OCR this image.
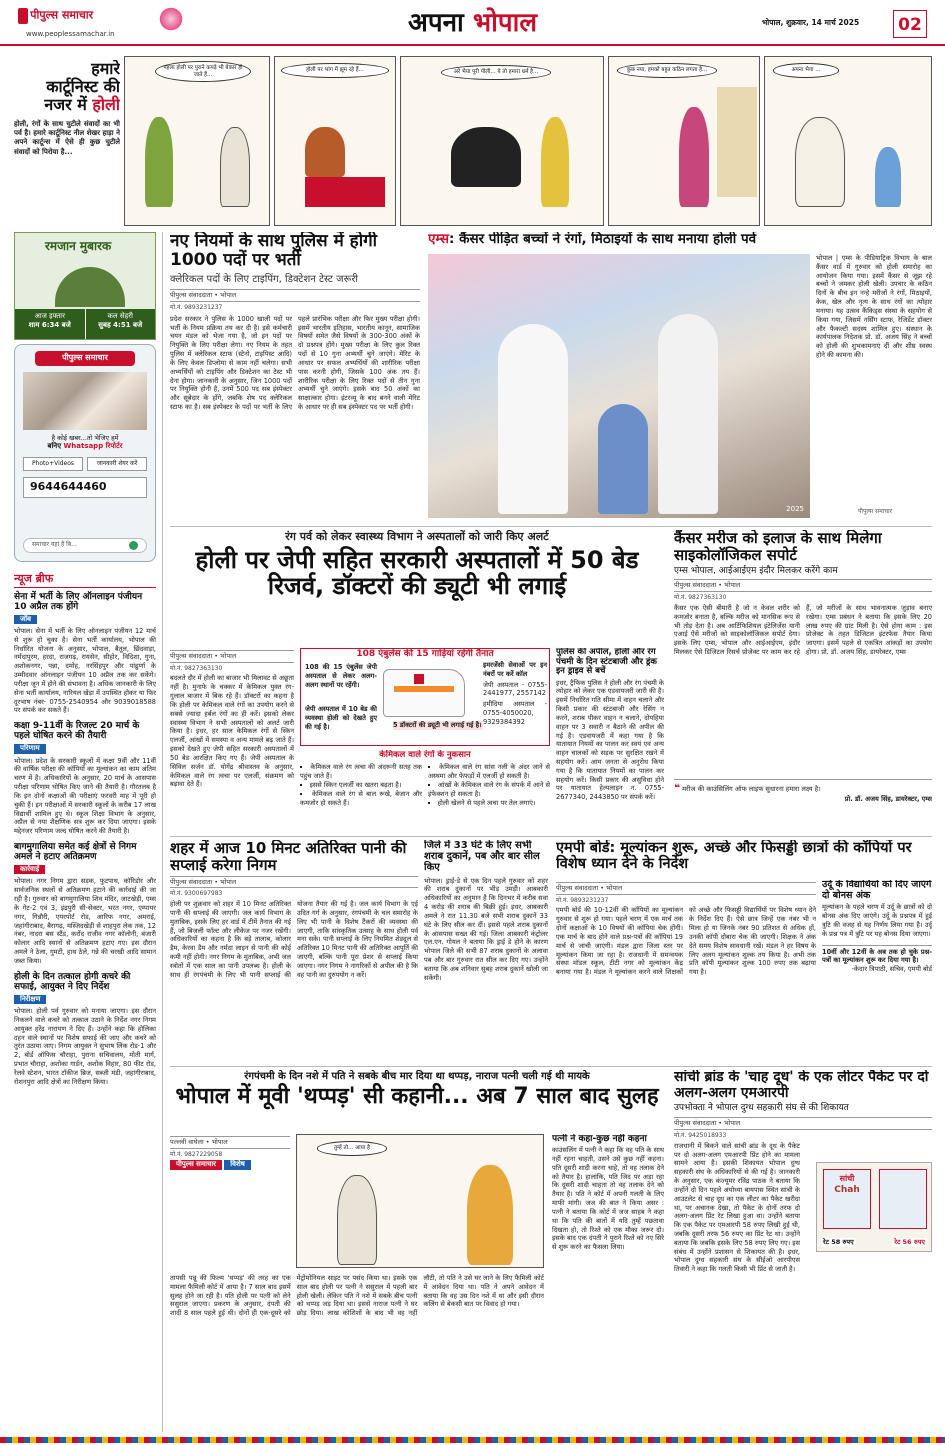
पीपुल्स समाचार
www.peoplessamachar.in	अपना भोपाल	भोपाल, शुक्रवार, 14 मार्च 2025	02
हमारे
कार्टूनिस्ट की
नजर में होली
होली, रंगों के साथ चुटीले संवादों का भी पर्व है। हमारे कार्टूनिस्ट नील शेखर हाड़ा ने अपने कार्टून्स में ऐसे ही कुछ चुटीले संवादों को पिरोया है...
पहला होली पर पुराने कपड़े भी बेकार हो जाते हैं...
होली पर भांग में झूम रहे हैं...	अरे भैया पूरी पीली... ये तो हमारा धर्म है...	कुछ नया, हमको बहुत कठिन लगता है...	अपना भैया ...
रमजान मुबारक
आज इफ्तार
शाम 6:34 बजे
कल सेहरी
सुबह 4:51 बजे
पीपुल्स समाचार
है कोई खबर...तो भेजिए हमें
बनिए Whatsapp रिपोर्टर
Photo+Videos	जानकारी शेयर करें
9644644460
समाचार यहां है बि...
न्यूज ब्रीफ
सेना में भर्ती के लिए ऑनलाइन पंजीयन 10 अप्रैल तक होंगे
जॉब
भोपाल। सेना में भर्ती के लिए ऑनलाइन पंजीयन 12 मार्च से शुरू हो चुका है। सेना भर्ती कार्यालय, भोपाल की निर्धारित योजना के अनुसार, भोपाल, बैतूल, छिंदवाड़ा, नर्मदापुरम, हरदा, राजगढ़, रायसेन, सीहोर, विदिशा, गुना, अशोकनगर, पन्ना, दमोह, नरसिंहपुर और पांढुर्णा के उम्मीदवार ऑनलाइन पंजीयन 10 अप्रैल तक कर सकेंगे। परीक्षा जून में होने की संभावना है। अधिक जानकारी के लिए सेना भर्ती कार्यालय, नारियल खेड़ा में उपस्थित होकर या फिर दूरभाष नंबर- 0755-2540954 और 9039018588 पर संपर्क कर सकते हैं।
कक्षा 9-11वीं के रिजल्ट 20 मार्च के पहले घोषित करने की तैयारी
परिणाम
भोपाल। प्रदेश के सरकारी स्कूलों में कक्षा 9वीं और 11वीं की वार्षिक परीक्षा की कॉपियों का मूल्यांकन का काम अंतिम चरण में है। अधिकारियों के अनुसार, 20 मार्च के आसपास परीक्षा परिणाम घोषित किए जाने की तैयारी है। गौरतलब है कि इन दोनों कक्षाओं की परीक्षाएं फरवरी माह में पूरी हो चुकी हैं। इन परीक्षाओं में सरकारी स्कूलों के करीब 17 लाख विद्यार्थी शामिल हुए थे। स्कूल शिक्षा विभाग के अनुसार, अप्रैल से नया शैक्षणिक सत्र शुरू कर दिया जाएगा। इसके मद्देनजर परिणाम जल्द घोषित करने की तैयारी है।
बागमुगालिया समेत कई क्षेत्रों से निगम अमले ने हटाए अतिक्रमण
कार्रवाई
भोपाल। नगर निगम द्वारा सड़क, फुटपाथ, कॉरिडोर और सार्वजनिक स्थलों से अतिक्रमण हटाने की कार्रवाई की जा रही है। गुरुवार को बागमुगालिया शिव मंदिर, जाटखेड़ी, एम्स के गेट-2 एवं 3, इंद्रपुरी सी-सेक्टर, भरत नगर, एम्पायर नगर, गिन्नौरी, एयरपोर्ट रोड, आरिफ नगर, अमराई, जहांगीराबाद, बैरागढ़, मस्जिदखेड़ी से शाहपुरा लेक तक, 12 नंबर, नादरा बस स्टैंड, करोंद राजीव नगर कॉलोनी, बंजारी कोलार आदि स्थानों से अतिक्रमण हटाए गए। इस दौरान अमले ने ठेला, गुमटी, हाथ ठेले, गन्ने की चरखी आदि सामान जब्त किया।
होली के दिन तत्काल होगी कचरे की सफाई, आयुक्त ने दिए निर्देश
निरीक्षण
भोपाल। होली पर्व गुरुवार को मनाया जाएगा। इस दौरान निकलने वाले कचरे को तत्काल उठाने के निर्देश नगर निगम आयुक्त हरेंद्र नारायण ने दिए हैं। उन्होंने कहा कि होलिका दहन वाले स्थानों पर विशेष सफाई की जाए और कचरे को तुरंत उठाया जाए। निगम आयुक्त ने सुभाष लिंक रोड-1 और 2, बोर्ड ऑफिस चौराहा, पुराना सचिवालय, मोती मार्ग, प्रभात चौराहा, अशोका गार्डन, अशोक विहार, 80 फीट रोड, रेलवे स्टेशन, भारत टॉकीज ब्रिज, सब्जी मंडी, जहांगीराबाद, रोशनपुरा आदि क्षेत्रों का निरीक्षण किया।
नए नियमों के साथ पुलिस में होगी 1000 पदों पर भर्ती
क्लेरिकल पदों के लिए टाइपिंग, डिक्टेशन टेस्ट जरूरी
पीपुल्स संवाददाता • भोपाल
मो.नं. 9893231237
प्रदेश सरकार ने पुलिस के 1000 खाली पदों पर भर्ती के नियम प्रक्रिया तय कर दी है। इसे कर्मचारी चयन मंडल को भेजा गया है, जो इन पदों पर नियुक्ति के लिए परीक्षा लेगा। नए नियम के तहत पुलिस में क्लेरिकल स्टाफ (स्टेनो, टाइपिस्ट आदि) के लिए केवल डिप्लोमा से काम नहीं चलेगा। सभी अभ्यर्थियों को टाइपिंग और डिक्टेशन का टेस्ट भी देना होगा। जानकारी के अनुसार, जिन 1000 पदों पर नियुक्ति होनी है, उनमें 500 पद सब इंस्पेक्टर और सूबेदार के होंगे, जबकि शेष पद क्लेरिकल स्टाफ का है। सब इंस्पेक्टर के पदों पर भर्ती के लिए पहले प्रारंभिक परीक्षा और फिर मुख्य परीक्षा होगी। इसमें भारतीय इतिहास, भारतीय कानून, सामाजिक विषयों समेत जैसे विषयों के 300-300 अंकों के दो प्रश्नपत्र होंगे। मुख्य परीक्षा के लिए कुल रिक्त पदों से 10 गुना अभ्यर्थी चुने जाएंगे। मेरिट के आधार पर सफल अभ्यर्थियों की शारीरिक परीक्षा पास करनी होगी, जिसके 100 अंक तय हैं। शारीरिक परीक्षा के लिए रिक्त पदों से तीन गुना अभ्यर्थी चुने जाएंगे। इसके बाद 50 अंकों का साक्षात्कार होगा। इंटरव्यू के बाद बनने वाली मेरिट के आधार पर ही सब इंस्पेक्टर पद पर भर्ती होगी।
एम्स: कैंसर पीड़ित बच्चों ने रंगों, मिठाइयों के साथ मनाया होली पर्व
2025
भोपाल | एम्स के पीडियाट्रिक विभाग के बाल कैंसर वार्ड में गुरुवार को होली समारोह का आयोजन किया गया। इसमें कैंसर से जूझ रहे बच्चों ने जमकर होली खेली। उपचार के कठिन दिनों के बीच इन नन्हे मरीजों ने रंगों, मिठाइयों, केक, खेल और नृत्य के साथ रंगों का त्योहार मनाया। यह उत्सव कैंकिड्स संस्था के सहयोग से किया गया, जिसमें नर्सिंग स्टाफ, रेजिडेंट डॉक्टर और फैकल्टी सदस्य शामिल हुए। संस्थान के कार्यपालक निदेशक प्रो. डॉ. अजय सिंह ने बच्चों को होली की शुभकामनाएं दीं और शीघ्र स्वस्थ होने की कामना की।
पीपुल्स समाचार
रंग पर्व को लेकर स्वास्थ्य विभाग ने अस्पतालों को जारी किए अलर्ट
होली पर जेपी सहित सरकारी अस्पतालों में 50 बेड रिजर्व, डॉक्टरों की ड्यूटी भी लगाई
पीपुल्स संवाददाता • भोपाल
मो.नं. 9827363130
बदलते दौर में होली का बाजार भी मिलावट से अछूता नहीं है। मुनाफे के चक्कर में केमिकल युक्त रंग-गुलाल बाजार में बिक रहे हैं। डॉक्टरों का कहना है कि होली पर केमिकल वाले रंगों का उपयोग करने से सबसे ज्यादा हर्बल रंगों का ही करें। इसको लेकर स्वास्थ्य विभाग ने सभी अस्पतालों को अलर्ट जारी किया है। इधर, हर साल केमिकल रंगों से स्किन एलर्जी, आंखों में समस्या व अन्य मामले बढ़ जाते हैं। इसको देखते हुए जेपी सहित सरकारी अस्पतालों में 50 बेड आरक्षित किए गए हैं। जेपी अस्पताल के सिविल सर्जन डॉ. योगेंद्र श्रीवास्तव के अनुसार, केमिकल वाले रंग त्वचा पर एलर्जी, संक्रमण को बढ़ावा देते हैं।
108 एंबुलेंस की 15 गाड़ियां रहेंगी तैनात
108 की 15 एंबुलेंस जेपी अस्पताल से लेकर अलग-अलग स्थानों पर रहेंगी।
जेपी अस्पताल में 10 बेड की व्यवस्था होली को देखते हुए की गई है।	5 डॉक्टरों की ड्यूटी भी लगाई गई है।
इमरजेंसी सेवाओं पर इन नंबरों पर करें कॉल
जेपी अस्पताल - 0755-2441977, 2557142
हमीदिया अस्पताल - 0755-4050020, 9329384392
केमिकल वाले रंगों के नुकसान
▪ केमिकल वाले रंग त्वचा की अंदरूनी सतह तक पहुंच जाते हैं।
▪ इससे स्किन एलर्जी का खतरा बढ़ता है।
▪ केमिकल वाले रंग से बाल रूखे, बेजान और कमजोर हो सकते हैं।
▪ केमिकल वाले रंग सांस नली के अंदर जाने से अस्थमा और फेफड़ों में एलर्जी हो सकती है।
▪ आंखों के केमिकल वाले रंग के संपर्क में आने से इंफेक्शन हो सकता है।
▪ होली खेलने से पहले त्वचा पर तेल लगाएं।
पुलिस की अपील, होली और रंग पंचमी के दिन स्टंटबाजी और ड्रंक इन ड्राइव से बचें
इधर, ट्रैफिक पुलिस ने होली और रंग पंचमी के त्योहार को लेकर एक एडवायजरी जारी की है। इसमें निर्धारित गति सीमा में वाहन चलाने और किसी प्रकार की स्टंटबाजी और रेसिंग न करने, शराब पीकर वाहन न चलाने, दोपहिया वाहन पर 3 सवारी न बैठाने की अपील की गई है। एडवायजरी में कहा गया है कि यातायात नियमों का पालन कर स्वयं एवं अन्य वाहन चालकों को सड़क पर सुरक्षित रखने में सहयोग करें। आम जनता से अनुरोध किया गया है कि यातायात नियमों का पालन कर सहयोग करें। किसी प्रकार की असुविधा होने पर यातायात हेल्पलाइन न. 0755-2677340, 2443850 पर संपर्क करें।
कैंसर मरीज को इलाज के साथ मिलेगा साइकोलॉजिकल सपोर्ट
एम्स भोपाल, आईआईएम इंदौर मिलकर करेंगे काम
पीपुल्स संवाददाता • भोपाल
मो.नं. 9827363130
कैंसर एक ऐसी बीमारी है जो न केवल शरीर को कमजोर बनाता है, बल्कि मरीज को मानसिक रूप से भी तोड़ देता है। अब आर्टिफिशियल इंटेलिजेंस यानी एआई ऐसे मरीजों को साइकोलॉजिकल सपोर्ट देगा। इसके लिए एम्स, भोपाल और आईआईएम, इंदौर मिलकर ऐसे डिजिटल रिसर्च प्रोजेक्ट पर काम कर रहे हैं, जो मरीजों के साथ भावनात्मक जुड़ाव बनाए रखेगा। एम्स प्रबंधन ने बताया कि इसके लिए 20 लाख रुपए की ग्रांट मिली है। ऐसे होगा काम : इस प्रोजेक्ट के तहत डिजिटल इंटरफेस तैयार किया जाएगा। इसमें पहले से एकत्रित आंकड़ों का उपयोग होगा। प्रो. डॉ. अजय सिंह, डायरेक्टर, एम्स
❝ मरीज की काउंसिलिंग ऑफ लाइफ सुधारना हमारा लक्ष्य है।
प्रो. डॉ. अजय सिंह, डायरेक्टर, एम्स
शहर में आज 10 मिनट अतिरिक्त पानी की सप्लाई करेगा निगम
पीपुल्स संवाददाता • भोपाल
मो.नं. 9300697983
होली पर शुक्रवार को शहर में 10 मिनट अतिरिक्त पानी की सप्लाई की जाएगी। जल कार्य विभाग के मुताबिक, इसके लिए हर वार्ड में टीमें तैनात की गई हैं, जो बिजली फॉल्ट और लीकेज पर नजर रखेंगी। अधिकारियों का कहना है कि बड़े तालाब, कोलार डैम, केरवा डैम और नर्मदा लाइन से पानी की कोई कमी नहीं होगी। नगर निगम के मुताबिक, अभी जल स्त्रोतों में एक साल का पानी उपलब्ध है। होली के साथ ही रंगपंचमी के लिए भी पानी सप्लाई की योजना तैयार की गई है। जल कार्य विभाग के एई उदित गर्ग के अनुसार, रंगपंचमी के चल समारोह के लिए भी पानी के विशेष टैंकरों की व्यवस्था की जाएगी, ताकि सांस्कृतिक उत्साह के साथ होली पर्व मना सके। पानी सप्लाई के लिए नियमित शेड्यूल से अतिरिक्त 10 मिनट पानी की अतिरिक्त आपूर्ति की जाएगी, बल्कि पानी पूरा प्रेशर से सप्लाई किया जाएगा। नगर निगम ने नागरिकों से अपील की है कि वह पानी का दुरुपयोग न करें।
जिले में 33 घंटे के लिए सभी शराब दुकानें, पब और बार सील किए
भोपाल। ड्राई-डे से एक दिन पहले गुरुवार को शहर की शराब दुकानों पर भीड़ उमड़ी। आबकारी अधिकारियों का अनुमान है कि दिनभर में करीब सवा 4 करोड़ की शराब की बिक्री हुई। इधर, आबकारी अमले ने रात 11.30 बजे सभी शराब दुकानें 33 घंटे के लिए सील कर दीं। इससे पहले शराब दुकानों के आसपास सख्त की गई। जिला आबकारी कंट्रोलर एल.एन. गोयल ने बताया कि ड्राई डे होने के कारण भोपाल जिले की सभी 87 शराब दुकानों के अलावा पब और बार गुरुवार रात सील कर दिए गए। उन्होंने बताया कि अब शनिवार सुबह शराब दुकानें खोली जा सकेंगी।
एमपी बोर्ड: मूल्यांकन शुरू, अच्छे और फिसड्डी छात्रों की कॉपियों पर विशेष ध्यान देने के निर्देश
पीपुल्स संवाददाता • भोपाल
मो.नं. 9893231237
एमपी बोर्ड की 10-12वीं की कॉपियों का मूल्यांकन गुरुवार से शुरू हो गया। पहले चरण में एक मार्च तक दोनों कक्षाओं के 10 विषयों की कॉपियां चेक होंगी। एक मार्च के बाद होने वाले प्रश्न-पत्रों की कॉपियां 19 मार्च से जांची जाएंगी। मंडल द्वारा जिला स्तर पर मूल्यांकन किया जा रहा है। राजधानी में समन्वयक संस्था मॉडल स्कूल, टीटी नगर को मूल्यांकन केंद्र बनाया गया है। मंडल ने मूल्यांकन करने वाले शिक्षकों को अच्छे और फिसड्डी विद्यार्थियों पर विशेष ध्यान देने के निर्देश दिए हैं। ऐसे छात्र जिन्हें एक नंबर भी न मिला हो या जिनके नंबर 90 प्रतिशत से अधिक हों, उनकी कॉपी दोबारा चेक की जाएगी। शिक्षक ने अंक देते समय विशेष सावधानी रखें। मंडल ने हर विषय के लिए अलग मूल्यांकन शुल्क तय किया है। अभी तक प्रति कॉपी मूल्यांकन शुल्क 100 रुपए तक बढ़ाया गया है।
उर्दू के विद्यार्थियों को दिए जाएंगे दो बोनस अंक
मूल्यांकन के पहले चरण में उर्दू के छात्रों को दो बोनस अंक दिए जाएंगे। उर्दू के प्रश्नपत्र में हुई त्रुटि की वजह से यह निर्णय लिया गया है। उर्दू के प्रश्न पत्र में त्रुटि पर यह बोनस दिया जाएगा।
10वीं और 12वीं के अब तक हो चुके प्रश्न-पत्रों का मूल्यांकन शुरू कर दिया गया है।
-केदार त्रिपाठी, सचिव, एमपी बोर्ड
रंगपंचमी के दिन नशे में पति ने सबके बीच मार दिया था थप्पड़, नाराज पत्नी चली गई थी मायके
भोपाल में मूवी 'थप्पड़' सी कहानी... अब 7 साल बाद सुलह
पल्लवी वाघेला • भोपाल
मो.नं. 9827229058
पीपुल्स समाचार विशेष
तुम्हें तो... आया है
तापसी पन्नू की फिल्म 'थप्पड़' की तरह का एक मामला फैमिली कोर्ट में आया है। 7 साल बाद इसमें सुलह होने जा रही है। पति होली पर पत्नी को लेने ससुराल जाएगा। प्रकरण के अनुसार, दंपती की शादी 8 साल पहले हुई थी। दोनों ही एक-दूसरे को मेट्रोमोनियल साइट पर पसंद किया था। इसके एक साल बाद होली पर पत्नी ने ससुराल में पहली बार होली खेली। लेकिन पति ने नशे में सबके बीच पत्नी को थप्पड़ जड़ दिया था। इससे नाराज पत्नी ने घर छोड़ दिया। लाख कोशिशों के बाद भी वह नहीं लौटी, तो पति ने उसे घर लाने के लिए फैमिली कोर्ट में आवेदन दिया था। पति ने अपने आवेदन में बताया कि वह उस दिन नशे में था और इसी दौरान कलिंग से बेकसी बात पर विवाद हो गया।
पत्नी ने कहा-कुछ नहीं कहना
काउंसलिंग में पत्नी ने कहा कि वह पति के साथ नहीं रहना चाहती, उसने उसे कुछ नहीं कहना। पति दूसरी शादी करना चाहे, तो वह तलाक देने को तैयार है। हालांकि, पति जिद पर अड़ा रहा कि दूसरी शादी चाहता तो वह तलाक देने को तैयार है। पति ने कोर्ट में अपनी गलती के लिए माफी मांगी। जज की बात ने किया असर : पत्नी ने बताया कि कोर्ट में जज साहब ने कहा था कि पति की बातों में यदि तुम्हें पछतावा दिखता हो, तो रिश्ते को एक मौका जरूर दो। इसके बाद एक दंपती ने पुराने रिश्ते को नए सिरे से शुरू करने का फैसला लिया।
सांची ब्रांड के 'चाह दूध' के एक लीटर पैकेट पर दो अलग-अलग एमआरपी
उपभोक्ता ने भोपाल दुग्ध सहकारी संघ से की शिकायत
पीपुल्स संवाददाता • भोपाल
मो.नं. 9425018933
राजधानी में बिकने वाले सांची ब्रांड के दूध के पैकेट पर दो अलग-अलग एमआरपी प्रिंट होने का मामला सामने आया है। इसकी शिकायत भोपाल दुग्ध सहकारी संघ के अधिकारियों से की गई है। जानकारी के अनुसार, एक कंज्यूमर रविंद्र पाठक ने बताया कि उन्होंने दो दिन पहले अयोध्या बायपास स्थित सांची के आउटलेट से चाह दूध का एक लीटर का पैकेट खरीदा था, पर अचानक देखा, तो पैकेट के दोनों तरफ दो अलग-अलग प्रिंट रेट लिखा हुआ था। उन्होंने बताया कि एक पैकेट पर एमआरपी 58 रुपए लिखी हुई थी, जबकि दूसरी तरफ 56 रुपए का प्रिंट रेट था। उन्होंने बताया कि जबकि इसके लिए 58 रुपए लिए गए। इस संबंध में उन्होंने प्रशासन से शिकायत की है। इधर, भोपाल दुग्ध सहकारी संघ के सीईओ आरपीएस तिवारी ने कहा कि गलती किसी भी प्रिंट से जाती है।
सांची
Chah
रेट 58 रुपए	रेट 56 रुपए
